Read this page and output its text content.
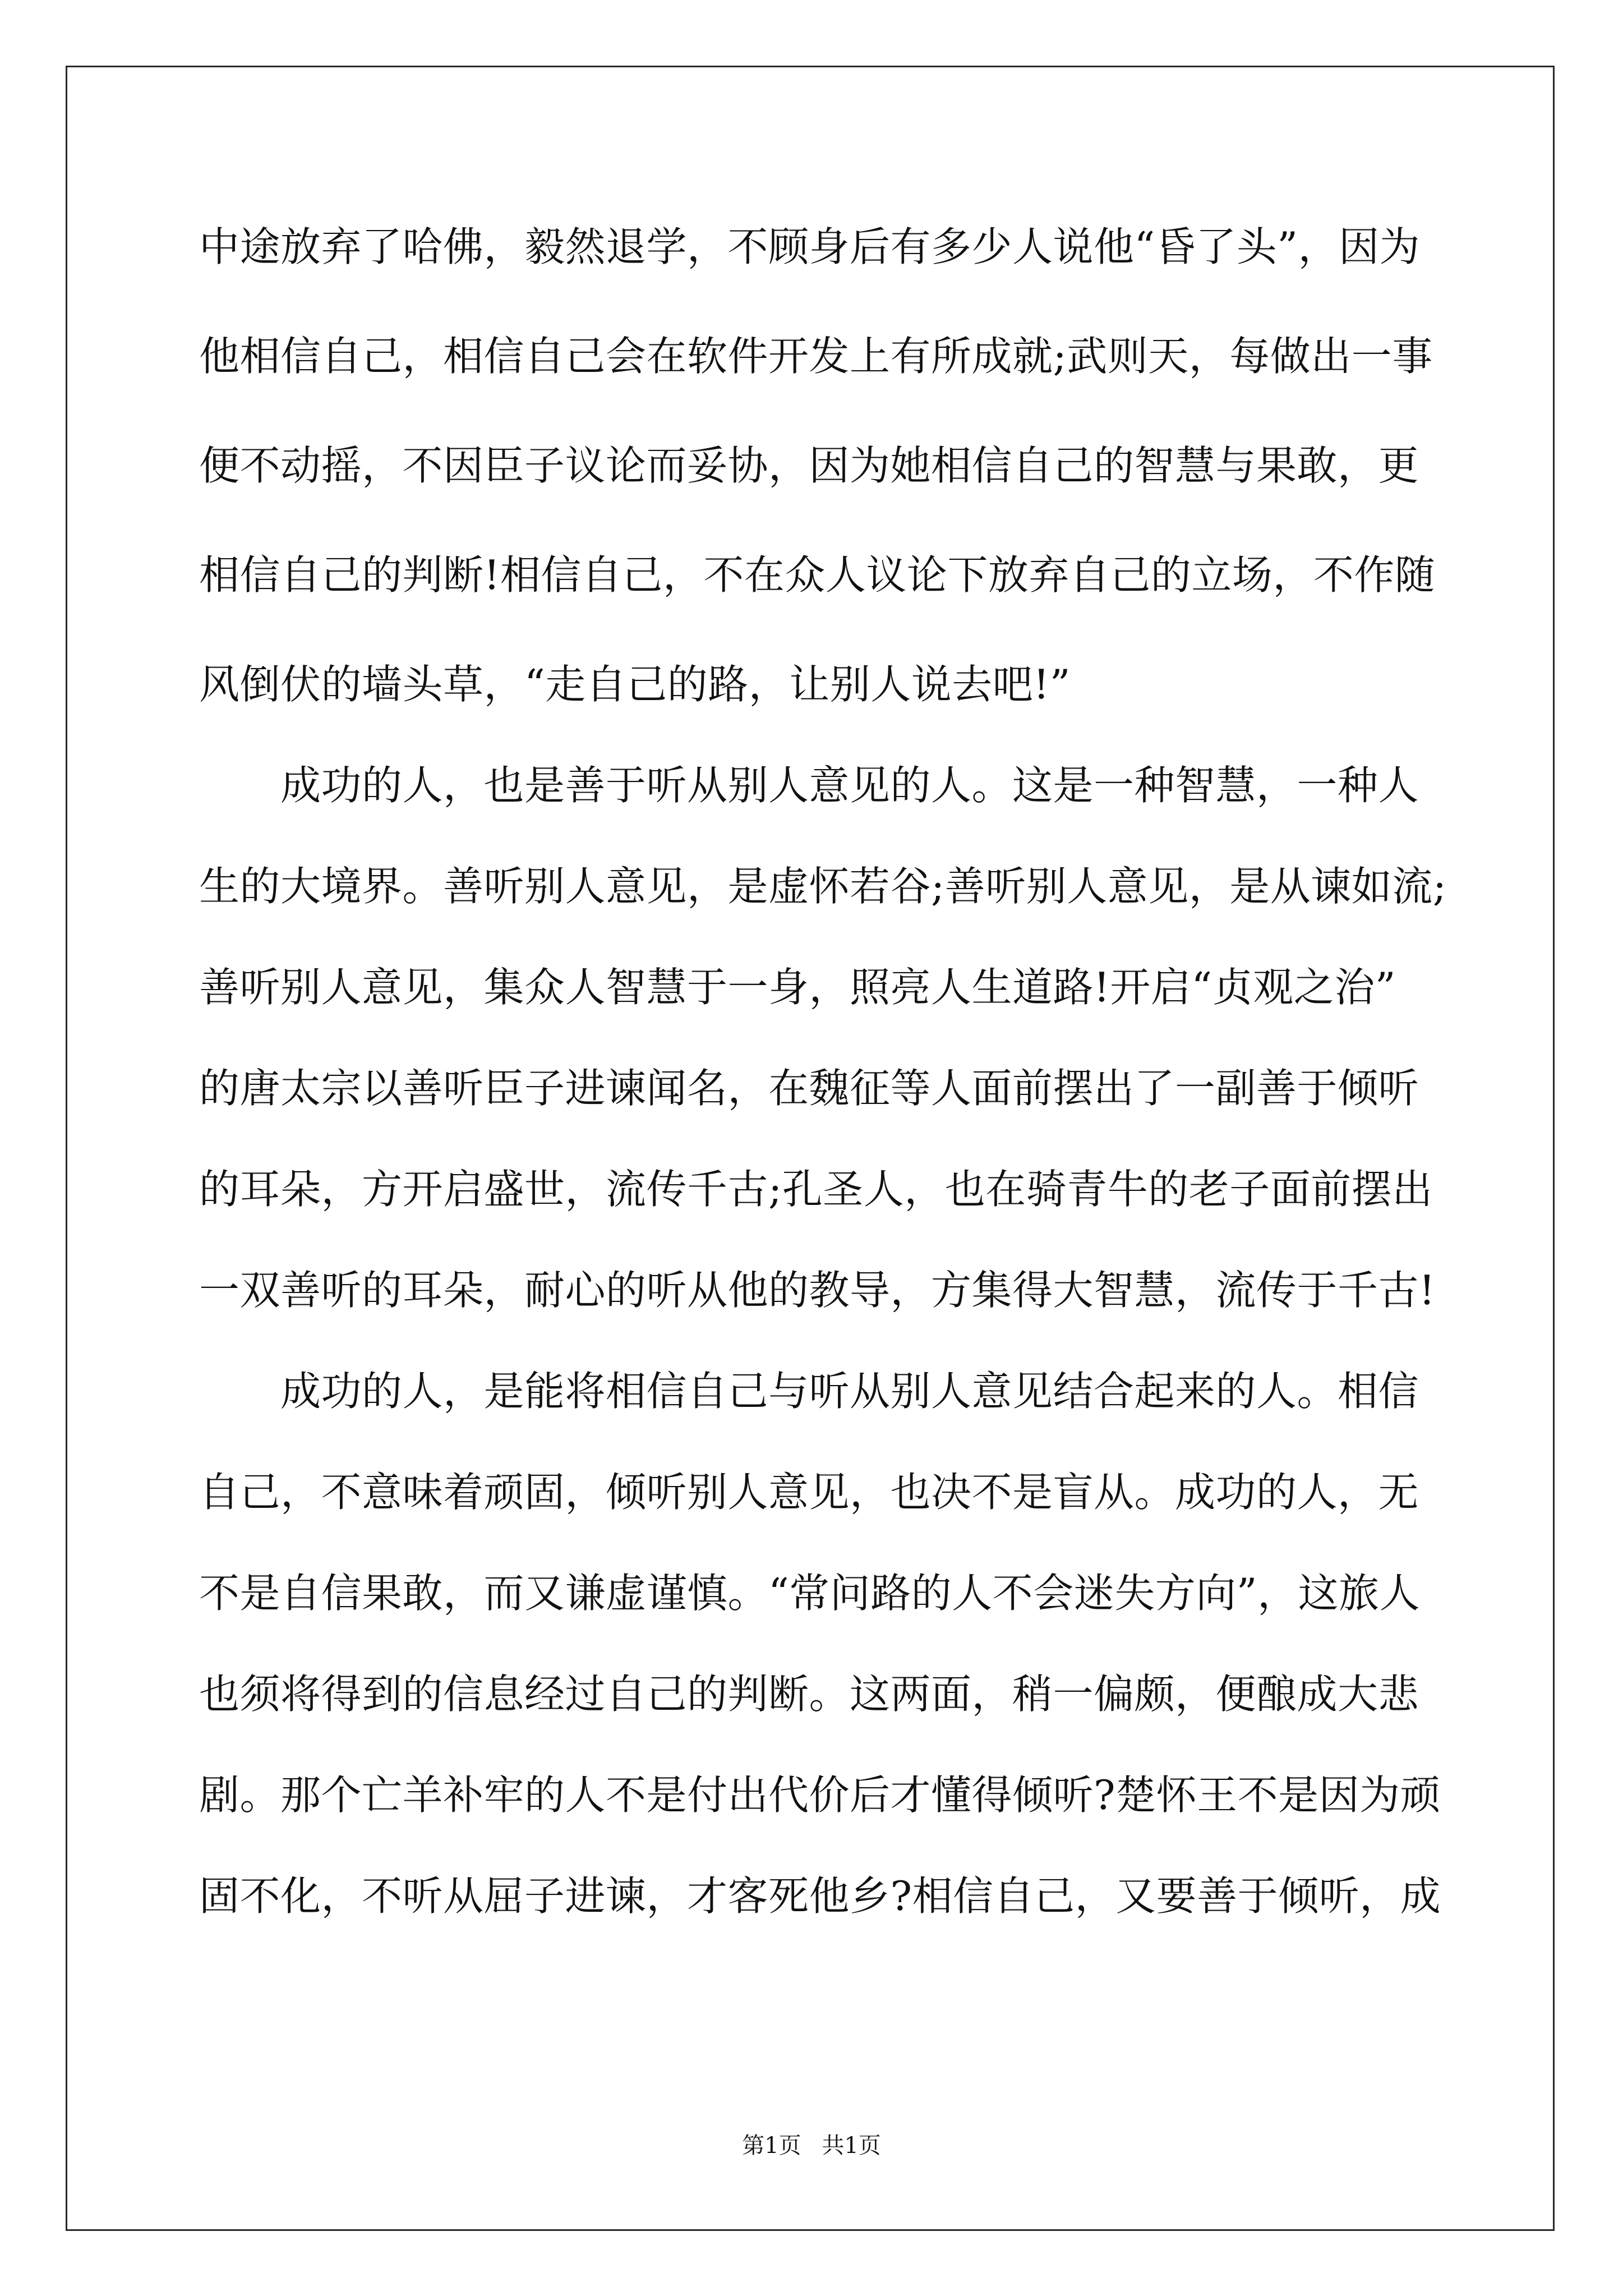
中途放弃了哈佛，毅然退学，不顾身后有多少人说他“昏了头”，因为
他相信自己，相信自己会在软件开发上有所成就;武则天，每做出一事
便不动摇，不因臣子议论而妥协，因为她相信自己的智慧与果敢，更
相信自己的判断!相信自己，不在众人议论下放弃自己的立场，不作随
风倒伏的墙头草，“走自己的路，让别人说去吧!”
成功的人，也是善于听从别人意见的人。这是一种智慧，一种人
生的大境界。善听别人意见，是虚怀若谷;善听别人意见，是从谏如流;
善听别人意见，集众人智慧于一身，照亮人生道路!开启“贞观之治”
的唐太宗以善听臣子进谏闻名，在魏征等人面前摆出了一副善于倾听
的耳朵，方开启盛世，流传千古;孔圣人，也在骑青牛的老子面前摆出
一双善听的耳朵，耐心的听从他的教导，方集得大智慧，流传于千古!
成功的人，是能将相信自己与听从别人意见结合起来的人。相信
自己，不意味着顽固，倾听别人意见，也决不是盲从。成功的人，无
不是自信果敢，而又谦虚谨慎。“常问路的人不会迷失方向”，这旅人
也须将得到的信息经过自己的判断。这两面，稍一偏颇，便酿成大悲
剧。那个亡羊补牢的人不是付出代价后才懂得倾听?楚怀王不是因为顽
固不化，不听从屈子进谏，才客死他乡?相信自己，又要善于倾听，成
第1页 共1页
